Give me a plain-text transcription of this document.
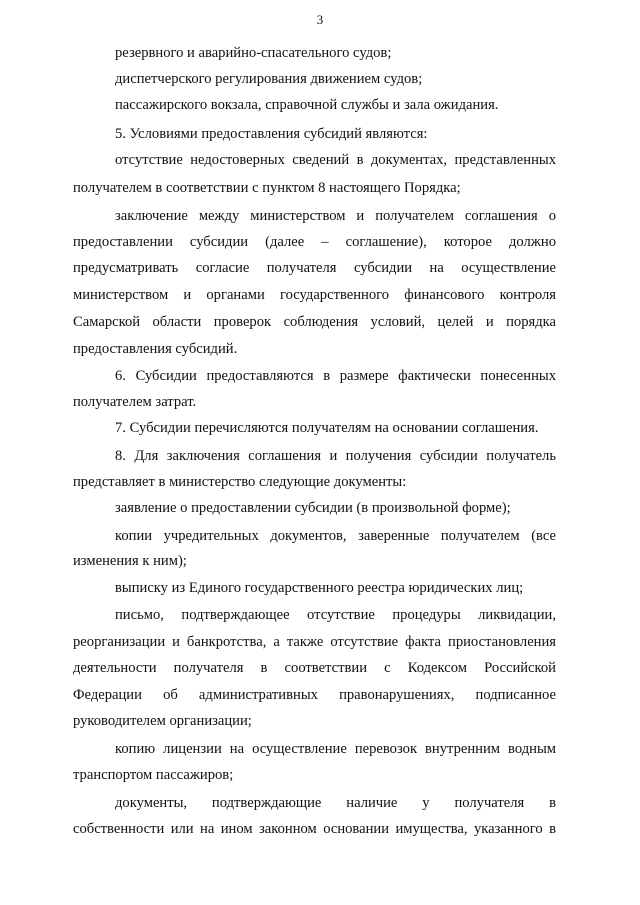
3
резервного и аварийно-спасательного судов;
диспетчерского регулирования движением судов;
пассажирского вокзала, справочной службы и зала ожидания.
5. Условиями предоставления субсидий являются:
отсутствие недостоверных сведений в документах, представленных
получателем в соответствии с пунктом 8 настоящего Порядка;
заключение между министерством и получателем соглашения о
предоставлении субсидии (далее – соглашение), которое должно
предусматривать согласие получателя субсидии на осуществление
министерством и органами государственного финансового контроля
Самарской области проверок соблюдения условий, целей и порядка
предоставления субсидий.
6. Субсидии предоставляются в размере фактически понесенных
получателем затрат.
7. Субсидии перечисляются получателям на основании соглашения.
8. Для заключения соглашения и получения субсидии получатель
представляет в министерство следующие документы:
заявление о предоставлении субсидии (в произвольной форме);
копии учредительных документов, заверенные получателем (все
изменения к ним);
выписку из Единого государственного реестра юридических лиц;
письмо, подтверждающее отсутствие процедуры ликвидации,
реорганизации и банкротства, а также отсутствие факта приостановления
деятельности получателя в соответствии с Кодексом Российской
Федерации об административных правонарушениях, подписанное
руководителем организации;
копию лицензии на осуществление перевозок внутренним водным
транспортом пассажиров;
документы, подтверждающие наличие у получателя в
собственности или на ином законном основании имущества, указанного в
